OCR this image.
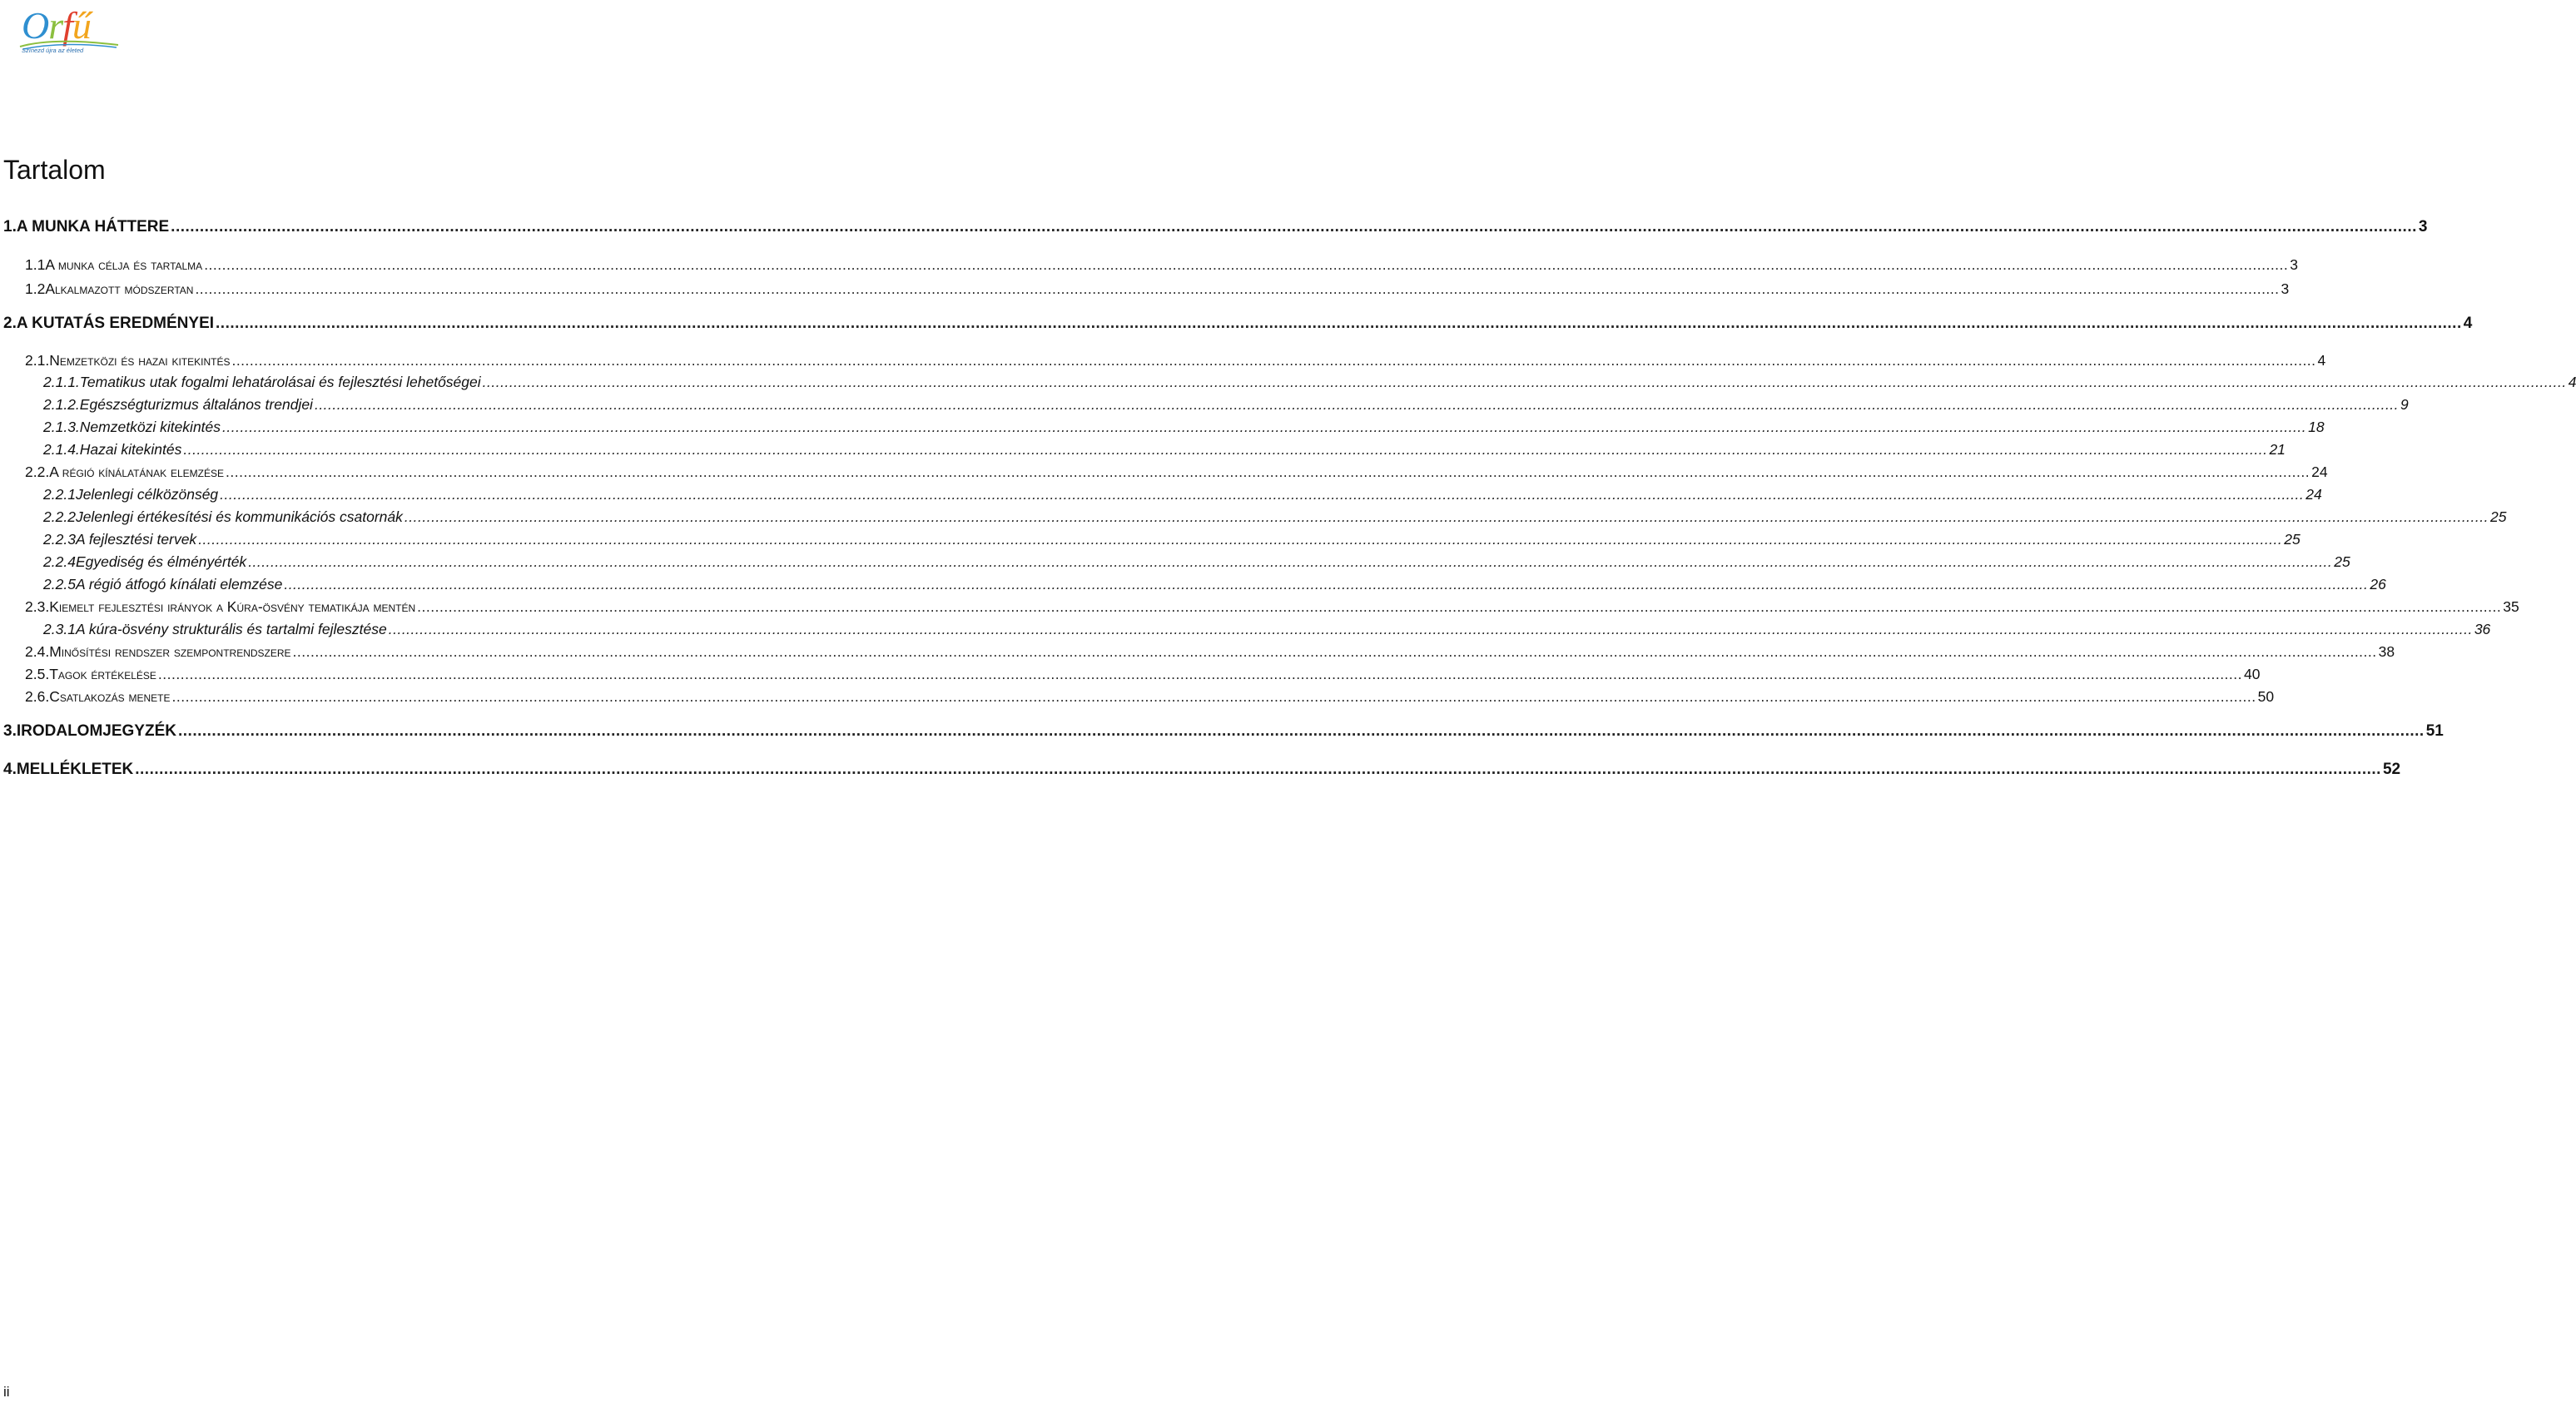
Orfű
Színezd újra az életed
Tartalom
1. A MUNKA HÁTTERE .....	3
1.1 A munka célja és tartalma .....	3
1.2 Alkalmazott módszertan .....	3
2. A KUTATÁS EREDMÉNYEI .....	4
2.1. Nemzetközi és hazai kitekintés .....	4
2.1.1. Tematikus utak fogalmi lehatárolásai és fejlesztési lehetőségei .....	4
2.1.2. Egészségturizmus általános trendjei .....	9
2.1.3. Nemzetközi kitekintés .....	18
2.1.4. Hazai kitekintés .....	21
2.2. A régió kínálatának elemzése .....	24
2.2.1 Jelenlegi célközönség .....	24
2.2.2 Jelenlegi értékesítési és kommunikációs csatornák .....	25
2.2.3 A fejlesztési tervek .....	25
2.2.4 Egyediség és élményérték .....	25
2.2.5 A régió átfogó kínálati elemzése .....	26
2.3. Kiemelt fejlesztési irányok a Kúra-ösvény tematikája mentén .....	35
2.3.1 A kúra-ösvény strukturális és tartalmi fejlesztése .....	36
2.4. Minősítési rendszer szempontrendszere .....	38
2.5. Tagok értékelése .....	40
2.6. Csatlakozás menete .....	50
3. IRODALOMJEGYZÉK .....	51
4. MELLÉKLETEK .....	52
ii
